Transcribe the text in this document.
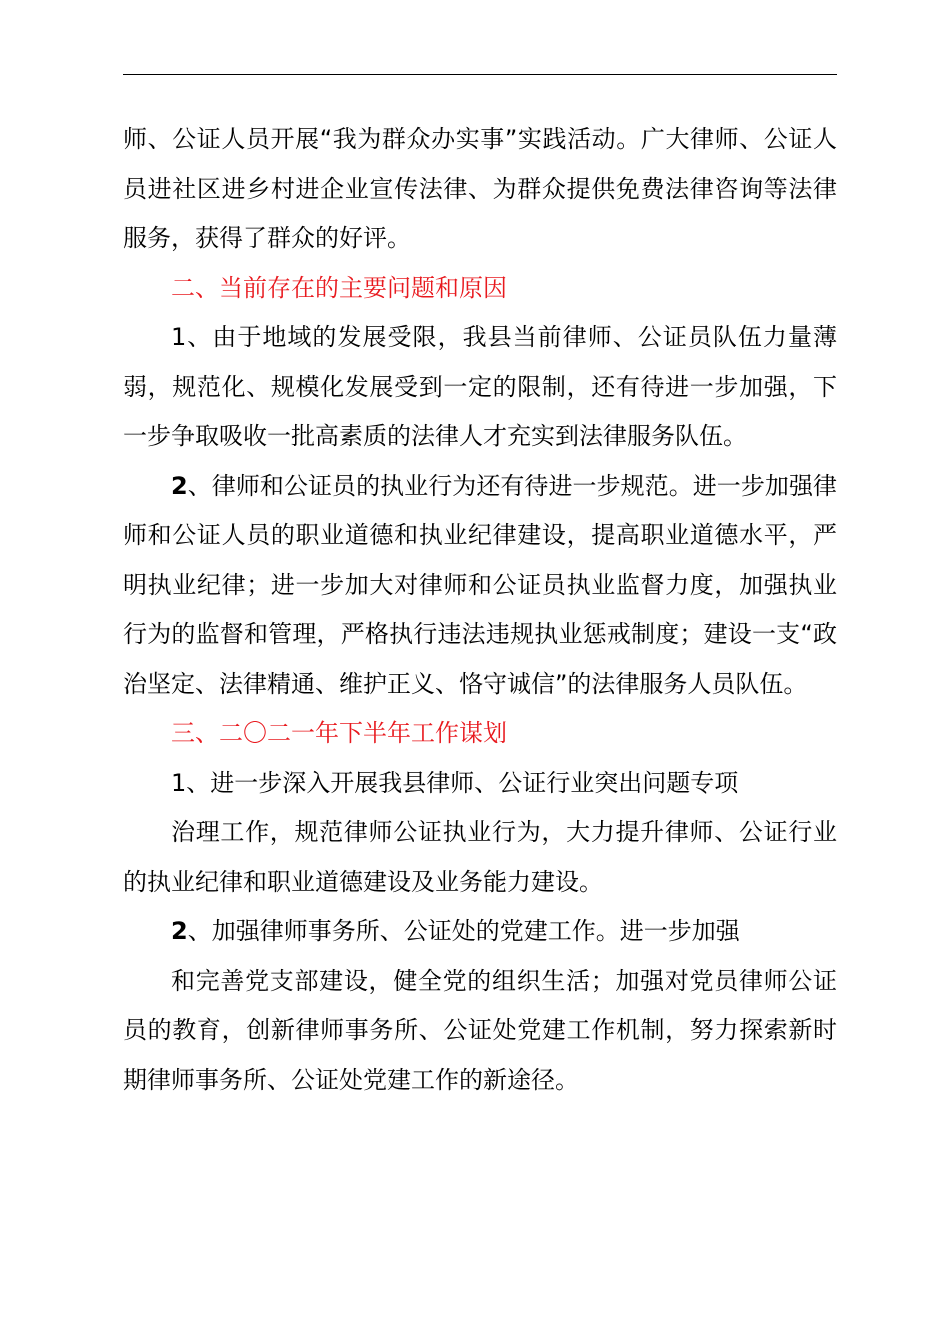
师、公证人员开展“我为群众办实事”实践活动。广大律师、公证人员进社区进乡村进企业宣传法律、为群众提供免费法律咨询等法律服务，获得了群众的好评。

二、当前存在的主要问题和原因

1、由于地域的发展受限，我县当前律师、公证员队伍力量薄弱，规范化、规模化发展受到一定的限制，还有待进一步加强，下一步争取吸收一批高素质的法律人才充实到法律服务队伍。

2、律师和公证员的执业行为还有待进一步规范。进一步加强律师和公证人员的职业道德和执业纪律建设，提高职业道德水平，严明执业纪律；进一步加大对律师和公证员执业监督力度，加强执业行为的监督和管理，严格执行违法违规执业惩戒制度；建设一支“政治坚定、法律精通、维护正义、恪守诚信”的法律服务人员队伍。

三、二〇二一年下半年工作谋划

1、进一步深入开展我县律师、公证行业突出问题专项

治理工作，规范律师公证执业行为，大力提升律师、公证行业的执业纪律和职业道德建设及业务能力建设。

2、加强律师事务所、公证处的党建工作。进一步加强

和完善党支部建设，健全党的组织生活；加强对党员律师公证员的教育，创新律师事务所、公证处党建工作机制，努力探索新时期律师事务所、公证处党建工作的新途径。
